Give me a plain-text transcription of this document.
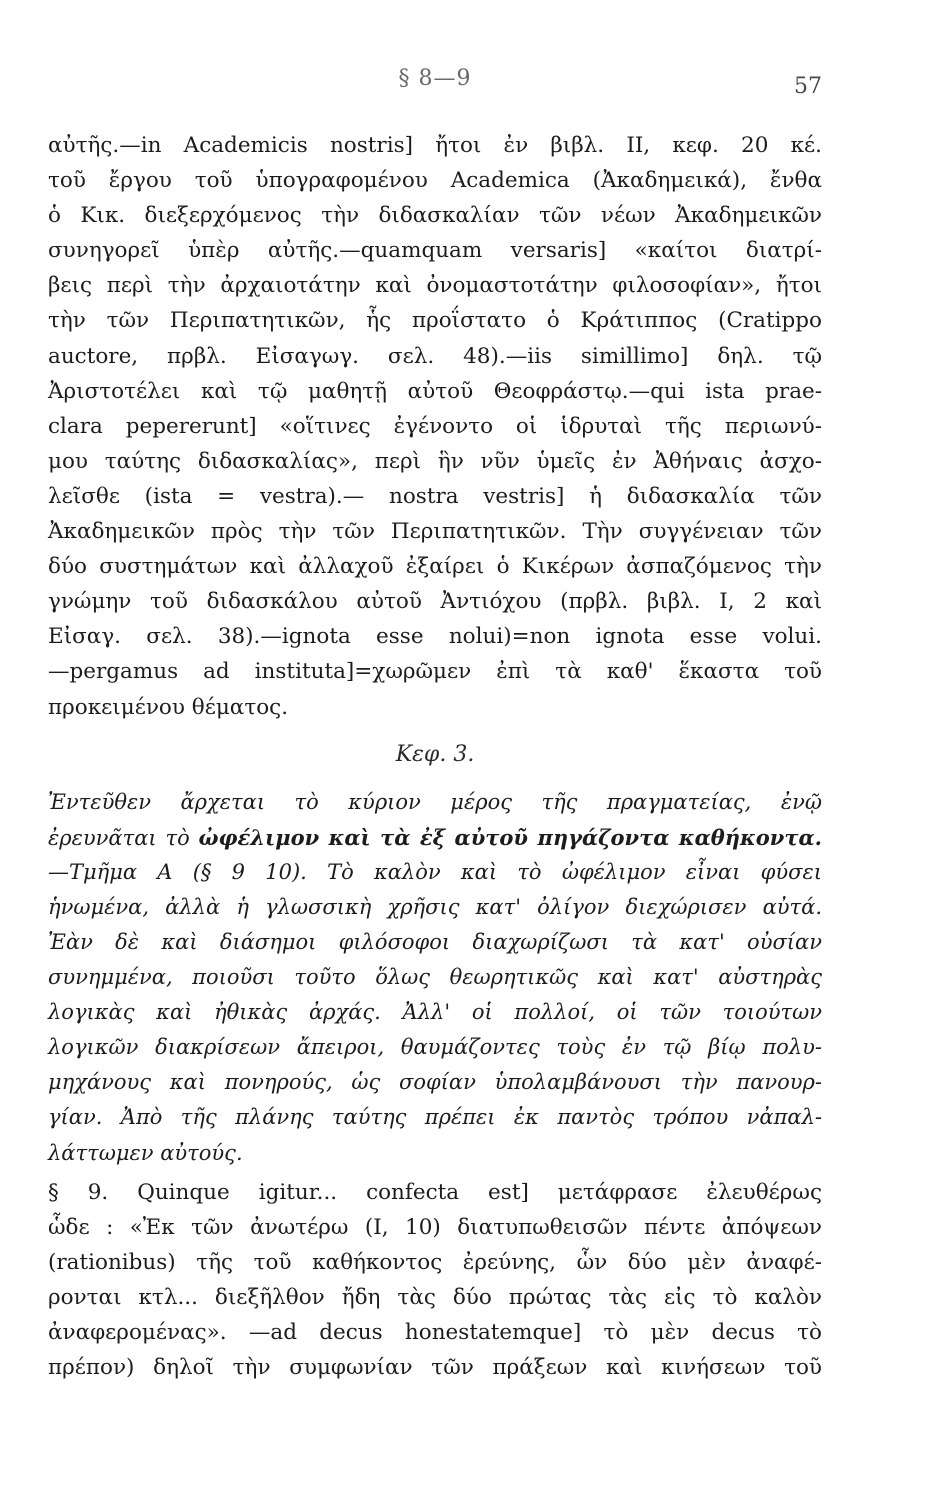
§ 8—9	57
αὐτῆς.—in Academicis nostris] ἤτοι ἐν βιβλ. II, κεφ. 20 κέ.
τοῦ ἔργου τοῦ ὑπογραφομένου Academica (Ἀκαδημεικά), ἔνθα
ὁ Κικ. διεξερχόμενος τὴν διδασκαλίαν τῶν νέων Ἀκαδημεικῶν
συνηγορεῖ ὑπὲρ αὐτῆς.—quamquam versaris] «καίτοι διατρί-
βεις περὶ τὴν ἀρχαιοτάτην καὶ ὀνομαστοτάτην φιλοσοφίαν», ἤτοι
τὴν τῶν Περιπατητικῶν, ἧς προΐστατο ὁ Κράτιππος (Cratippo
auctore, πρβλ. Εἰσαγωγ. σελ. 48).—iis simillimo] δηλ. τῷ
Ἀριστοτέλει καὶ τῷ μαθητῇ αὐτοῦ Θεοφράστῳ.—qui ista prae-
clara pepererunt] «οἵτινες ἐγένοντο οἱ ἱδρυταὶ τῆς περιωνύ-
μου ταύτης διδασκαλίας», περὶ ἣν νῦν ὑμεῖς ἐν Ἀθήναις ἀσχο-
λεῖσθε (ista = vestra).— nostra vestris] ἡ διδασκαλία τῶν
Ἀκαδημεικῶν πρὸς τὴν τῶν Περιπατητικῶν. Τὴν συγγένειαν τῶν
δύο συστημάτων καὶ ἀλλαχοῦ ἐξαίρει ὁ Κικέρων ἀσπαζόμενος τὴν
γνώμην τοῦ διδασκάλου αὐτοῦ Ἀντιόχου (πρβλ. βιβλ. I, 2 καὶ
Εἰσαγ. σελ. 38).—ignota esse nolui)=non ignota esse volui.
—pergamus ad instituta]=χωρῶμεν ἐπὶ τὰ καθ' ἕκαστα τοῦ
προκειμένου θέματος.
Κεφ. 3.
Ἐντεῦθεν ἄρχεται τὸ κύριον μέρος τῆς πραγματείας, ἐνῷ
ἐρευνᾶται τὸ ὠφέλιμον καὶ τὰ ἐξ αὐτοῦ πηγάζοντα καθήκοντα.
—Τμῆμα Α (§ 9 10). Τὸ καλὸν καὶ τὸ ὠφέλιμον εἶναι φύσει
ἡνωμένα, ἀλλὰ ἡ γλωσσικὴ χρῆσις κατ' ὀλίγον διεχώρισεν αὐτά.
Ἐὰν δὲ καὶ διάσημοι φιλόσοφοι διαχωρίζωσι τὰ κατ' οὐσίαν
συνημμένα, ποιοῦσι τοῦτο ὅλως θεωρητικῶς καὶ κατ' αὐστηρὰς
λογικὰς καὶ ἠθικὰς ἀρχάς. Ἀλλ' οἱ πολλοί, οἱ τῶν τοιούτων
λογικῶν διακρίσεων ἄπειροι, θαυμάζοντες τοὺς ἐν τῷ βίῳ πολυ-
μηχάνους καὶ πονηρούς, ὡς σοφίαν ὑπολαμβάνουσι τὴν πανουρ-
γίαν. Ἀπὸ τῆς πλάνης ταύτης πρέπει ἐκ παντὸς τρόπου νἀπαλ-
λάττωμεν αὐτούς.
§ 9. Quinque igitur... confecta est] μετάφρασε ἐλευθέρως
ὧδε : «Ἐκ τῶν ἀνωτέρω (I, 10) διατυπωθεισῶν πέντε ἀπόψεων
(rationibus) τῆς τοῦ καθήκοντος ἐρεύνης, ὧν δύο μὲν ἀναφέ-
ρονται κτλ... διεξῆλθον ἤδη τὰς δύο πρώτας τὰς εἰς τὸ καλὸν
ἀναφερομένας». —ad decus honestatemque] τὸ μὲν decus τὸ
πρέπον) δηλοῖ τὴν συμφωνίαν τῶν πράξεων καὶ κινήσεων τοῦ
